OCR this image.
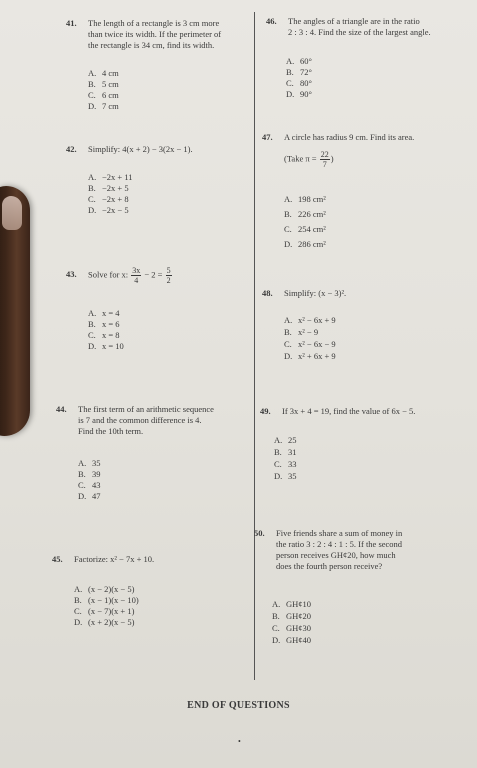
41. The length of a rectangle is 3 cm more
than twice its width. If the perimeter of
the rectangle is 34 cm, find its width.
A. 4 cm
B. 5 cm
C. 6 cm
D. 7 cm
42. Simplify: 4(x + 2) − 3(2x − 1).
A. −2x + 11
B. −2x + 5
C. −2x + 8
D. −2x − 5
43. Solve for x: $\frac{3x}{4} - 2 = \frac{5}{2}$
A. x = 4
B. x = 6
C. x = 8
D. x = 10
44. The first term of an arithmetic sequence
is 7 and the common difference is 4.
Find the 10th term.
A. 35
B. 39
C. 43
D. 47
45. Factorize: x² − 7x + 10.
A. (x − 2)(x − 5)
B. (x − 1)(x − 10)
C. (x − 7)(x + 1)
D. (x + 2)(x − 5)
46. The angles of a triangle are in the ratio
2 : 3 : 4. Find the size of the largest angle.
A. 60°
B. 72°
C. 80°
D. 90°
47. A circle has radius 9 cm. Find its area.
(Take $\pi = \frac{22}{7}$ )
A. 198 cm²
B. 226 cm²
C. 254 cm²
D. 286 cm²
48. Simplify: (x − 3)².
A. x² − 6x + 9
B. x² − 9
C. x² − 6x − 9
D. x² + 6x + 9
49. If 3x + 4 = 19, find the value of 6x − 5.
A. 25
B. 31
C. 33
D. 35
50. Five friends share a sum of money in
the ratio 3 : 2 : 4 : 1 : 5. If the second
person receives GH¢20, how much
does the fourth person receive?
A. GH¢10
B. GH¢20
C. GH¢30
D. GH¢40
END OF QUESTIONS
•
